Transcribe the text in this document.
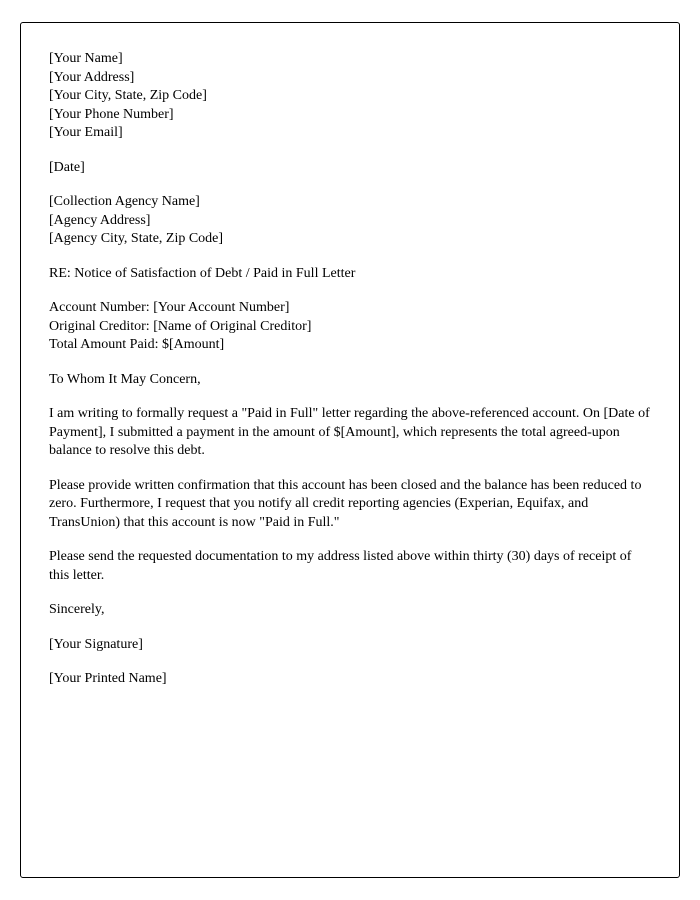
[Your Name]
[Your Address]
[Your City, State, Zip Code]
[Your Phone Number]
[Your Email]
[Date]
[Collection Agency Name]
[Agency Address]
[Agency City, State, Zip Code]
RE: Notice of Satisfaction of Debt / Paid in Full Letter
Account Number: [Your Account Number]
Original Creditor: [Name of Original Creditor]
Total Amount Paid: $[Amount]
To Whom It May Concern,

I am writing to formally request a "Paid in Full" letter regarding the above-referenced account. On [Date of Payment], I submitted a payment in the amount of $[Amount], which represents the total agreed-upon balance to resolve this debt.

Please provide written confirmation that this account has been closed and the balance has been reduced to zero. Furthermore, I request that you notify all credit reporting agencies (Experian, Equifax, and TransUnion) that this account is now "Paid in Full."

Please send the requested documentation to my address listed above within thirty (30) days of receipt of this letter.

Sincerely,
[Your Signature]
[Your Printed Name]
